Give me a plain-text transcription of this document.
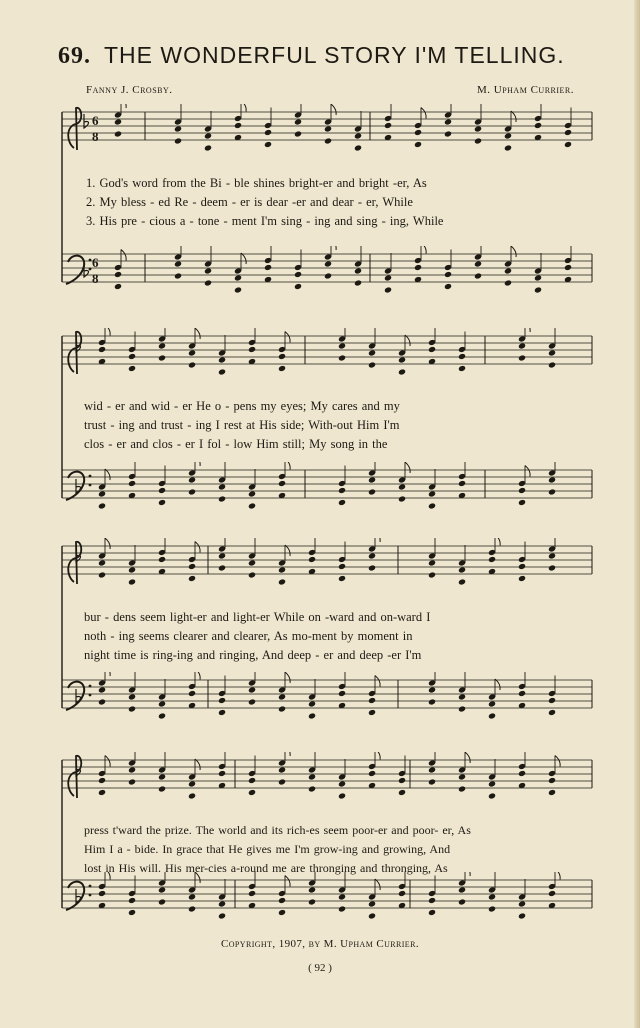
69. THE WONDERFUL STORY I'M TELLING.
Fanny J. Crosby.	M. Upham Currier.
6
8
1. God's word from the Bi - ble shines bright-er and bright -er, As
2. My bless - ed Re - deem - er is dear -er and dear - er, While
3. His pre - cious a - tone - ment I'm sing - ing and sing - ing, While
6
8
wid - er and wid - er He o - pens my eyes; My cares and my
trust - ing and trust - ing I rest at His side; With-out Him I'm
clos - er and clos - er I fol - low Him still; My song in the
bur - dens seem light-er and light-er While on -ward and on-ward I
noth - ing seems clearer and clearer, As mo-ment by moment in
night time is ring-ing and ringing, And deep - er and deep -er I'm
press t'ward the prize. The world and its rich-es seem poor-er and poor- er, As
Him I a - bide. In grace that He gives me I'm grow-ing and growing, And
lost in His will. His mer-cies a-round me are thronging and thronging, As
Copyright, 1907, by M. Upham Currier.
( 92 )
